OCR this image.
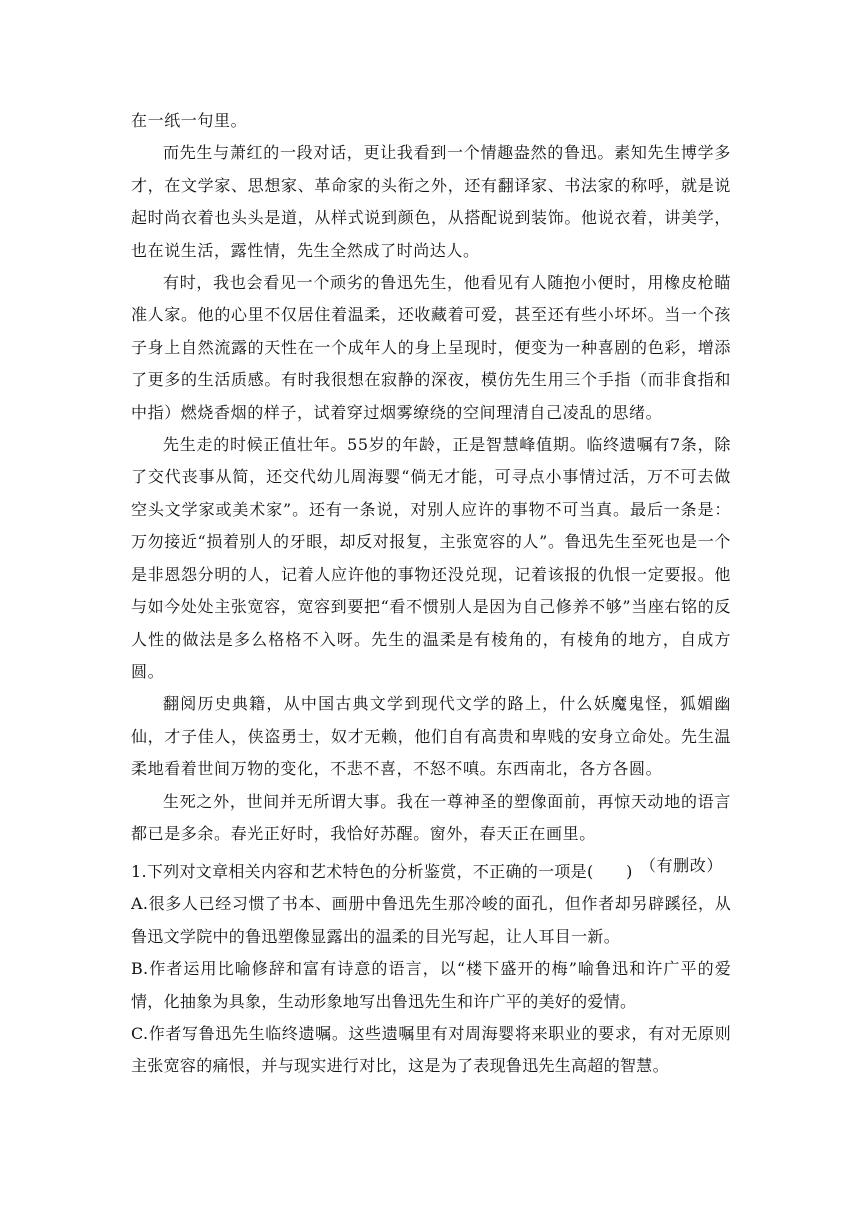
在一纸一句里。

而先生与萧红的一段对话，更让我看到一个情趣盎然的鲁迅。素知先生博学多才，在文学家、思想家、革命家的头衔之外，还有翻译家、书法家的称呼，就是说起时尚衣着也头头是道，从样式说到颜色，从搭配说到装饰。他说衣着，讲美学，也在说生活，露性情，先生全然成了时尚达人。

有时，我也会看见一个顽劣的鲁迅先生，他看见有人随抱小便时，用橡皮枪瞄准人家。他的心里不仅居住着温柔，还收藏着可爱，甚至还有些小坏坏。当一个孩子身上自然流露的天性在一个成年人的身上呈现时，便变为一种喜剧的色彩，增添了更多的生活质感。有时我很想在寂静的深夜，模仿先生用三个手指（而非食指和中指）燃烧香烟的样子，试着穿过烟雾缭绕的空间理清自己凌乱的思绪。

先生走的时候正值壮年。55岁的年龄，正是智慧峰值期。临终遗嘱有7条，除了交代丧事从简，还交代幼儿周海婴“倘无才能，可寻点小事情过活，万不可去做空头文学家或美术家”。还有一条说，对别人应许的事物不可当真。最后一条是：万勿接近“损着别人的牙眼，却反对报复，主张宽容的人”。鲁迅先生至死也是一个是非恩怨分明的人，记着人应许他的事物还没兑现，记着该报的仇恨一定要报。他与如今处处主张宽容，宽容到要把“看不惯别人是因为自己修养不够”当座右铭的反人性的做法是多么格格不入呀。先生的温柔是有棱角的，有棱角的地方，自成方圆。

翻阅历史典籍，从中国古典文学到现代文学的路上，什么妖魔鬼怪，狐媚幽仙，才子佳人，侠盗勇士，奴才无赖，他们自有高贵和卑贱的安身立命处。先生温柔地看着世间万物的变化，不悲不喜，不怒不嗔。东西南北，各方各圆。

生死之外，世间并无所谓大事。我在一尊神圣的塑像面前，再惊天动地的语言都已是多余。春光正好时，我恰好苏醒。窗外，春天正在画里。

（有删改）

1.下列对文章相关内容和艺术特色的分析鉴赏，不正确的一项是(　　)

A.很多人已经习惯了书本、画册中鲁迅先生那冷峻的面孔，但作者却另辟蹊径，从鲁迅文学院中的鲁迅塑像显露出的温柔的目光写起，让人耳目一新。

B.作者运用比喻修辞和富有诗意的语言，以“楼下盛开的梅”喻鲁迅和许广平的爱情，化抽象为具象，生动形象地写出鲁迅先生和许广平的美好的爱情。

C.作者写鲁迅先生临终遗嘱。这些遗嘱里有对周海婴将来职业的要求，有对无原则主张宽容的痛恨，并与现实进行对比，这是为了表现鲁迅先生高超的智慧。
